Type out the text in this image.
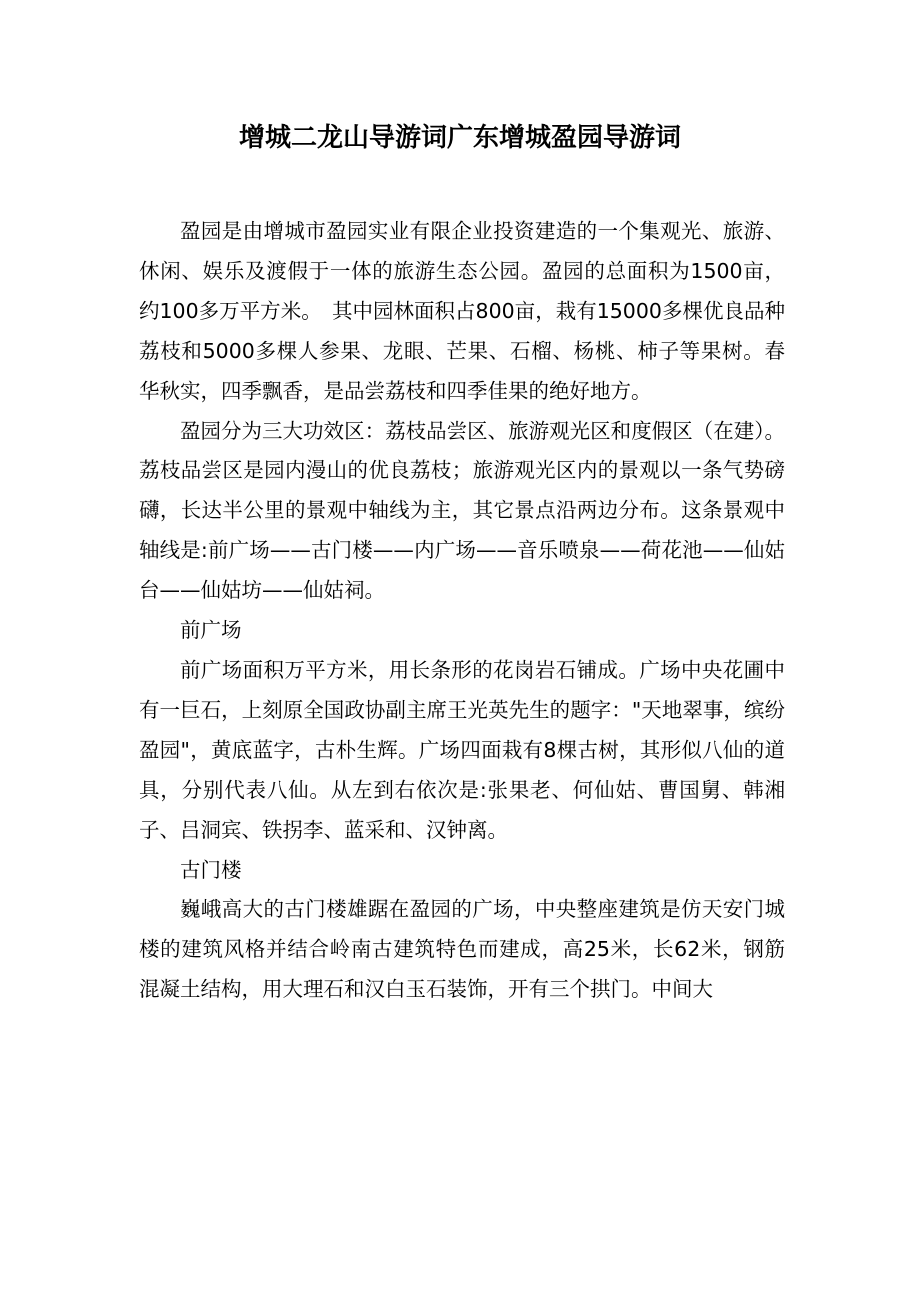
增城二龙山导游词广东增城盈园导游词

盈园是由增城市盈园实业有限企业投资建造的一个集观光、旅游、休闲、娱乐及渡假于一体的旅游生态公园。盈园的总面积为1500亩，约100多万平方米。　其中园林面积占800亩，栽有15000多棵优良品种荔枝和5000多棵人参果、龙眼、芒果、石榴、杨桃、柿子等果树。春华秋实，四季飘香，是品尝荔枝和四季佳果的绝好地方。

盈园分为三大功效区：荔枝品尝区、旅游观光区和度假区（在建）。荔枝品尝区是园内漫山的优良荔枝；旅游观光区内的景观以一条气势磅礴，长达半公里的景观中轴线为主，其它景点沿两边分布。这条景观中轴线是:前广场——古门楼——内广场——音乐喷泉——荷花池——仙姑台——仙姑坊——仙姑祠。

前广场

前广场面积万平方米，用长条形的花岗岩石铺成。广场中央花圃中有一巨石，上刻原全国政协副主席王光英先生的题字："天地翠事，缤纷盈园"，黄底蓝字，古朴生辉。广场四面栽有8棵古树，其形似八仙的道具，分别代表八仙。从左到右依次是:张果老、何仙姑、曹国舅、韩湘子、吕洞宾、铁拐李、蓝采和、汉钟离。

古门楼

巍峨高大的古门楼雄踞在盈园的广场，中央整座建筑是仿天安门城楼的建筑风格并结合岭南古建筑特色而建成，高25米，长62米，钢筋混凝土结构，用大理石和汉白玉石装饰，开有三个拱门。中间大
